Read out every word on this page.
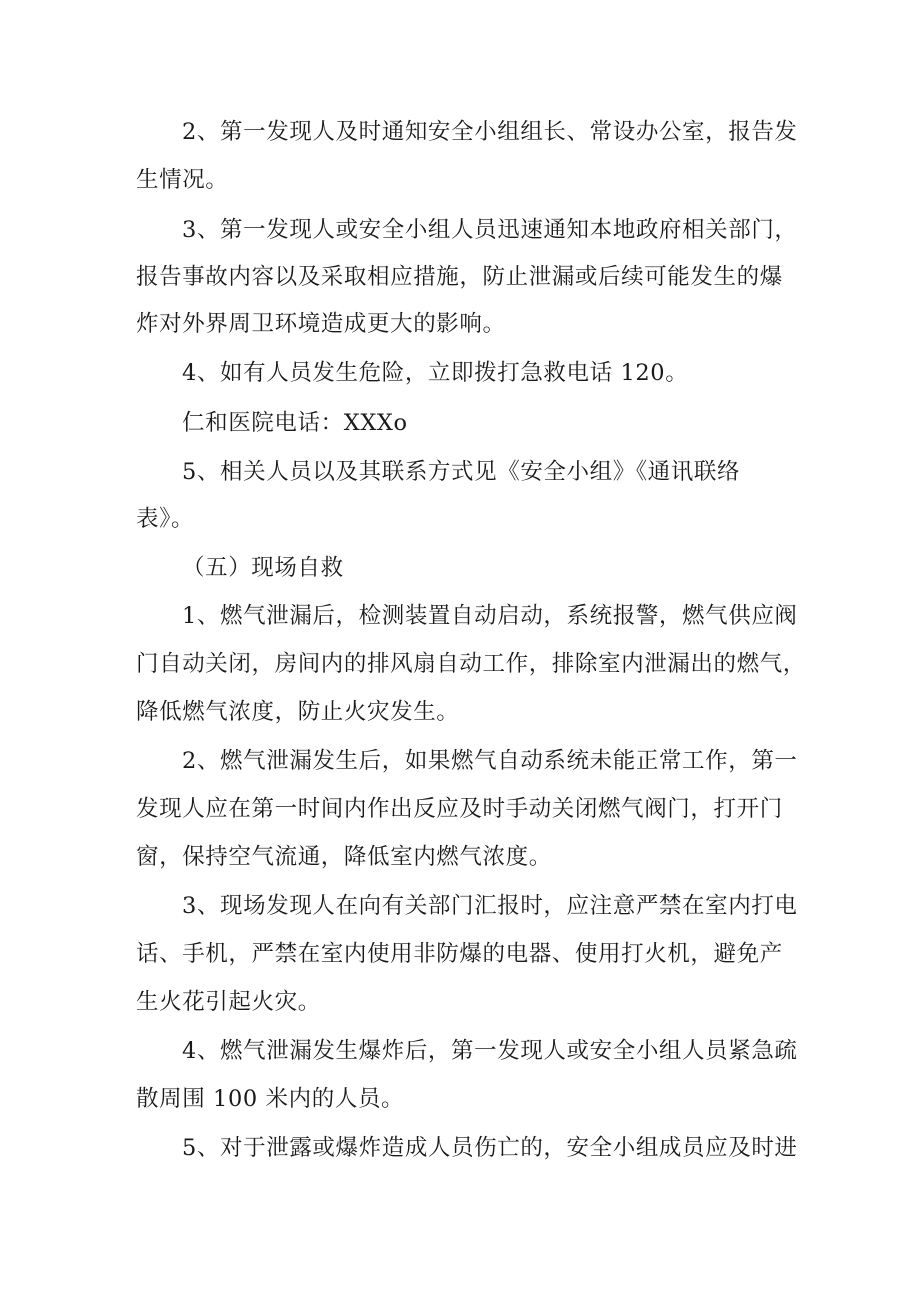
2、第一发现人及时通知安全小组组长、常设办公室，报告发
生情况。
3、第一发现人或安全小组人员迅速通知本地政府相关部门，
报告事故内容以及采取相应措施，防止泄漏或后续可能发生的爆
炸对外界周卫环境造成更大的影响。
4、如有人员发生危险，立即拨打急救电话 120。
仁和医院电话：XXXo
5、相关人员以及其联系方式见《安全小组》《通讯联络
表》。
（五）现场自救
1、燃气泄漏后，检测装置自动启动，系统报警，燃气供应阀
门自动关闭，房间内的排风扇自动工作，排除室内泄漏出的燃气，
降低燃气浓度，防止火灾发生。
2、燃气泄漏发生后，如果燃气自动系统未能正常工作，第一
发现人应在第一时间内作出反应及时手动关闭燃气阀门，打开门
窗，保持空气流通，降低室内燃气浓度。
3、现场发现人在向有关部门汇报时，应注意严禁在室内打电
话、手机，严禁在室内使用非防爆的电器、使用打火机，避免产
生火花引起火灾。
4、燃气泄漏发生爆炸后，第一发现人或安全小组人员紧急疏
散周围 100 米内的人员。
5、对于泄露或爆炸造成人员伤亡的，安全小组成员应及时进
